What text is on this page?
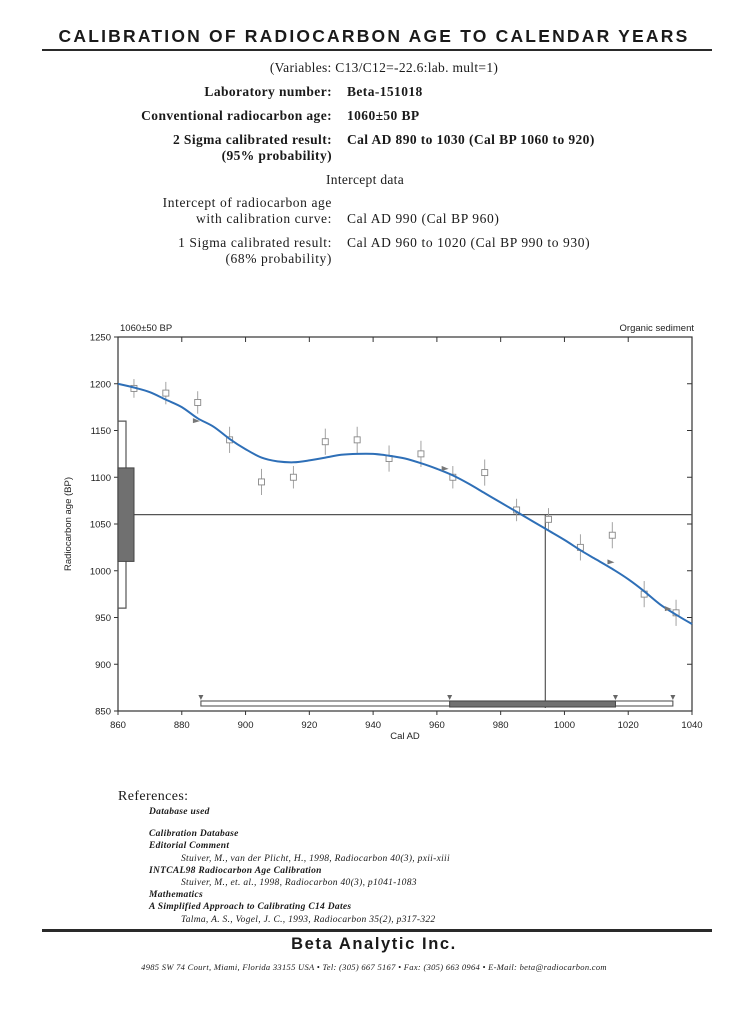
CALIBRATION OF RADIOCARBON AGE TO CALENDAR YEARS
(Variables: C13/C12=-22.6:lab. mult=1)
Laboratory number: Beta-151018
Conventional radiocarbon age: 1060±50 BP
2 Sigma calibrated result:
(95% probability)
Cal AD 890 to 1030 (Cal BP 1060 to 920)
Intercept data
Intercept of radiocarbon age
with calibration curve: Cal AD 990 (Cal BP 960)
1 Sigma calibrated result:
(68% probability)
Cal AD 960 to 1020 (Cal BP 990 to 930)
850
900
950
1000
1050
1100
1150
1200
1250
860	880	900	920	940	960	980	1000	1020	1040
Cal AD
Radiocarbon age (BP)
1060±50 BP	Organic sediment
References:
Database used
Calibration Database
Editorial Comment
Stuiver, M., van der Plicht, H., 1998, Radiocarbon 40(3), pxii-xiii
INTCAL98 Radiocarbon Age Calibration
Stuiver, M., et. al., 1998, Radiocarbon 40(3), p1041-1083
Mathematics
A Simplified Approach to Calibrating C14 Dates
Talma, A. S., Vogel, J. C., 1993, Radiocarbon 35(2), p317-322
Beta Analytic Inc.
4985 SW 74 Court, Miami, Florida 33155 USA • Tel: (305) 667 5167 • Fax: (305) 663 0964 • E-Mail: beta@radiocarbon.com
